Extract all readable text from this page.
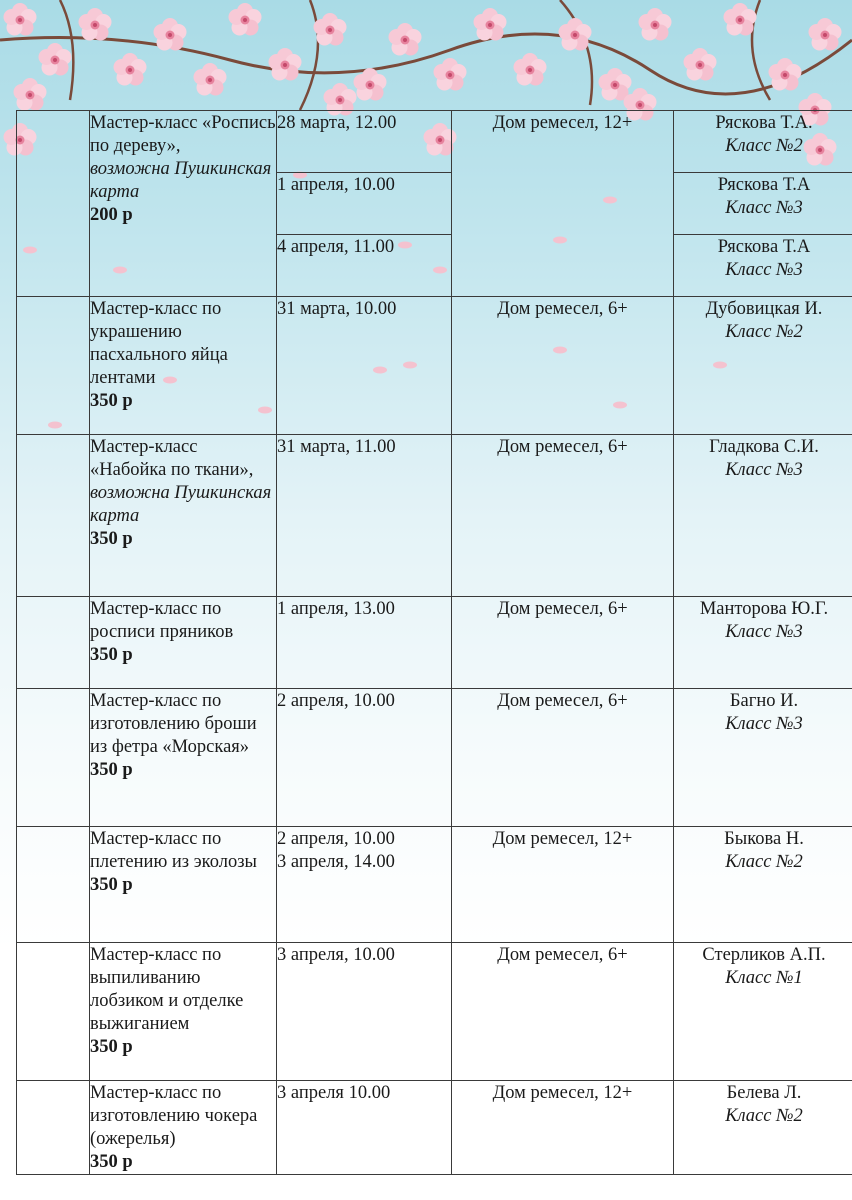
	Мастер-класс «Роспись по дереву»,
возможна Пушкинская карта
200 р	28 марта, 12.00	Дом ремесел, 12+	Рясковa Т.А.
Класс №2

		1 апреля, 10.00		Рясковa Т.А
Класс №3

		4 апреля, 11.00		Рясковa Т.А
Класс №3

	Мастер-класс по украшению пасхального яйца лентами
350 р	31 марта, 10.00	Дом ремесел, 6+	Дубовицкая И.
Класс №2

	Мастер-класс «Набойка по ткани», возможна Пушкинская карта
350 р	31 марта, 11.00	Дом ремесел, 6+	Гладкова С.И.
Класс №3

	Мастер-класс по росписи пряников
350 р	1 апреля, 13.00	Дом ремесел, 6+	Манторова Ю.Г.
Класс №3

	Мастер-класс по изготовлению броши из фетра «Морская»
350 р	2 апреля, 10.00	Дом ремесел, 6+	Багно И.
Класс №3

	Мастер-класс по плетению из эколозы
350 р	2 апреля, 10.00
3 апреля, 14.00	Дом ремесел, 12+	Быкова Н.
Класс №2

	Мастер-класс по выпиливанию лобзиком и отделке выжиганием
350 р	3 апреля, 10.00	Дом ремесел, 6+	Стерликов А.П.
Класс №1

	Мастер-класс по изготовлению чокера (ожерелья)
350 р	3 апреля 10.00	Дом ремесел, 12+	Белева Л.
Класс №2
